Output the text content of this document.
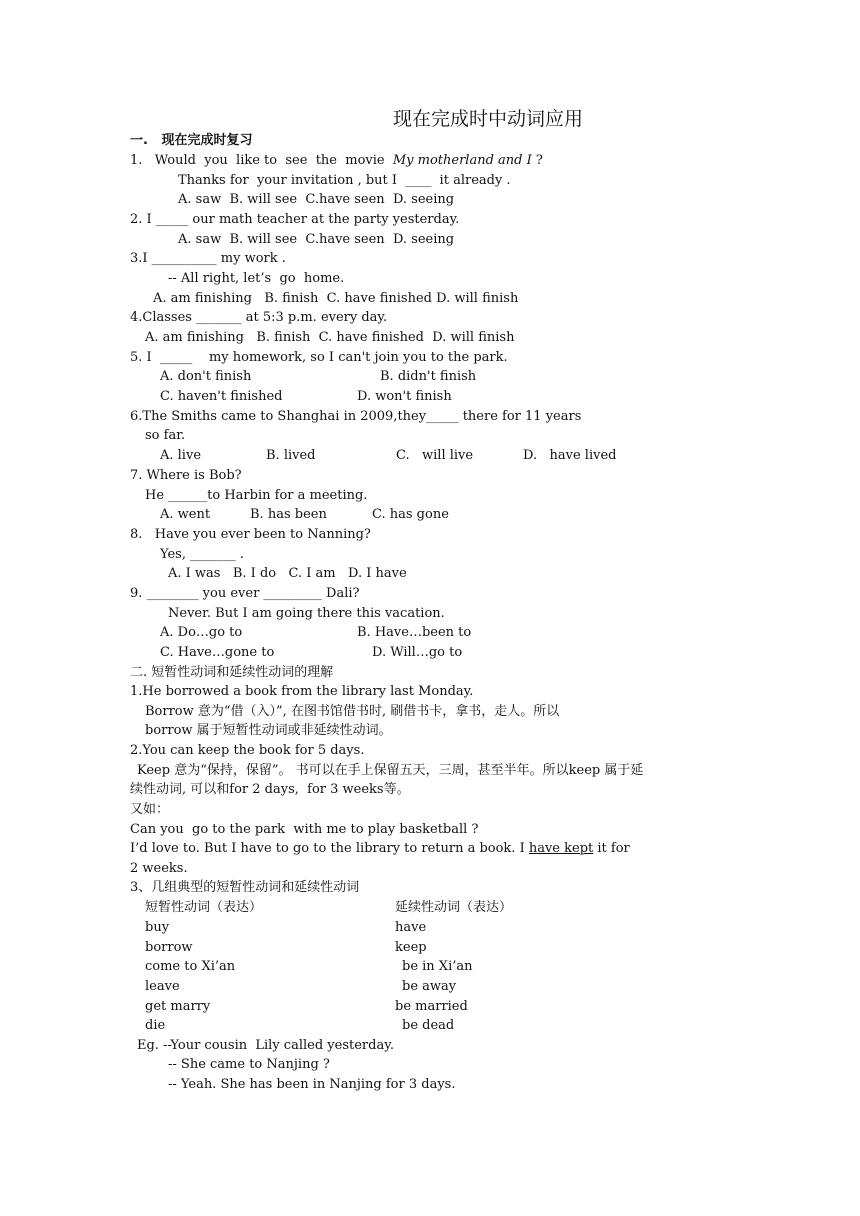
现在完成时中动词应用
一.   现在完成时复习
1.   Would  you  like to  see  the  movie  My motherland and I ?
Thanks for  your invitation , but I  ____  it already .
A. saw  B. will see  C.have seen  D. seeing
2. I _____ our math teacher at the party yesterday.
A. saw  B. will see  C.have seen  D. seeing
3.I __________ my work .
-- All right, let’s  go  home.
A. am finishing   B. finish  C. have finished D. will finish
4.Classes _______ at 5:3 p.m. every day.
A. am finishing   B. finish  C. have finished  D. will finish
5. I  _____    my homework, so I can't join you to the park.
A. don't finish	B. didn't finish
C. haven't finished	D. won't finish
6.The Smiths came to Shanghai in 2009,they_____ there for 11 years
so far.
A. live	B. lived	C.   will live	D.   have lived
7. Where is Bob?
He ______to Harbin for a meeting.
A. went	B. has been	C. has gone
8.   Have you ever been to Nanning?
Yes, _______ .
A. I was   B. I do   C. I am   D. I have
9. ________ you ever _________ Dali?
Never. But I am going there this vacation.
A. Do…go to	B. Have…been to
C. Have…gone to	D. Will…go to
二. 短暂性动词和延续性动词的理解
1.He borrowed a book from the library last Monday.
Borrow 意为“借（入）”, 在图书馆借书时, 刷借书卡，拿书，走人。所以
borrow 属于短暂性动词或非延续性动词。
2.You can keep the book for 5 days.
Keep 意为“保持，保留”。 书可以在手上保留五天，三周，甚至半年。所以keep 属于延
续性动词, 可以和for 2 days,  for 3 weeks等。
又如：
Can you  go to the park  with me to play basketball ?
I’d love to. But I have to go to the library to return a book. I have kept it for
2 weeks.
3、几组典型的短暂性动词和延续性动词
短暂性动词（表达）	延续性动词（表达）
buy	have
borrow	keep
come to Xi’an	be in Xi’an
leave	be away
get marry	be married
die	be dead
Eg. --Your cousin  Lily called yesterday.
-- She came to Nanjing ?
-- Yeah. She has been in Nanjing for 3 days.
